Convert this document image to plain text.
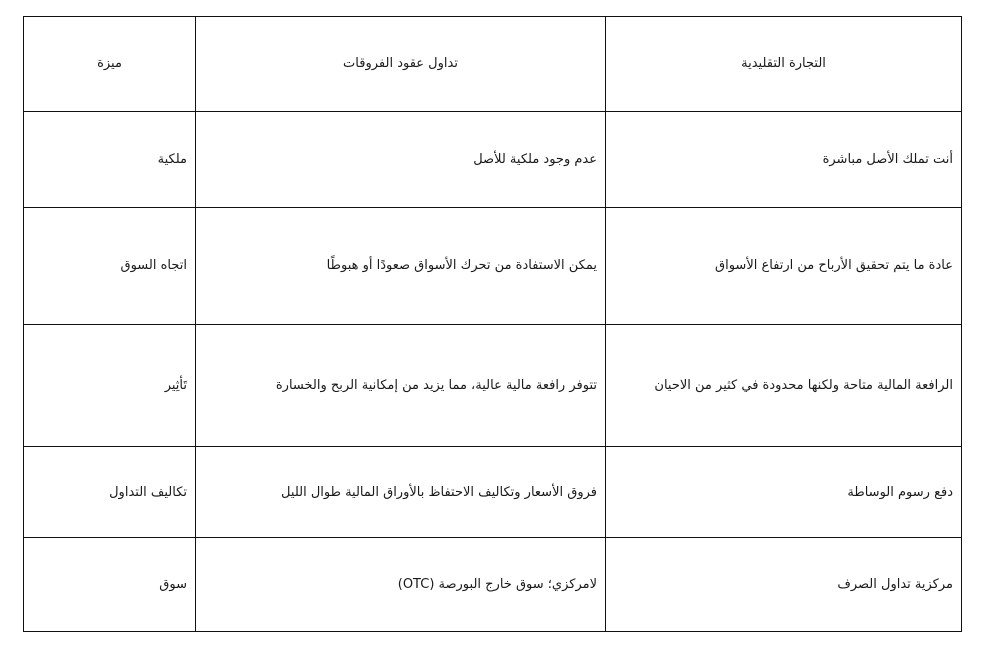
التجارة التقليدية	تداول عقود الفروقات	ميزة
أنت تملك الأصل مباشرة	عدم وجود ملكية للأصل	ملكية
عادة ما يتم تحقيق الأرباح من ارتفاع الأسواق	يمكن الاستفادة من تحرك الأسواق صعودًا أو هبوطًا	اتجاه السوق
الرافعة المالية متاحة ولكنها محدودة في كثير من الاحيان	تتوفر رافعة مالية عالية، مما يزيد من إمكانية الربح والخسارة	تَأثِير
دفع رسوم الوساطة	فروق الأسعار وتكاليف الاحتفاظ بالأوراق المالية طوال الليل	تكاليف التداول
مركزية تداول الصرف	لامركزي؛ سوق خارج البورصة (OTC)	سوق
